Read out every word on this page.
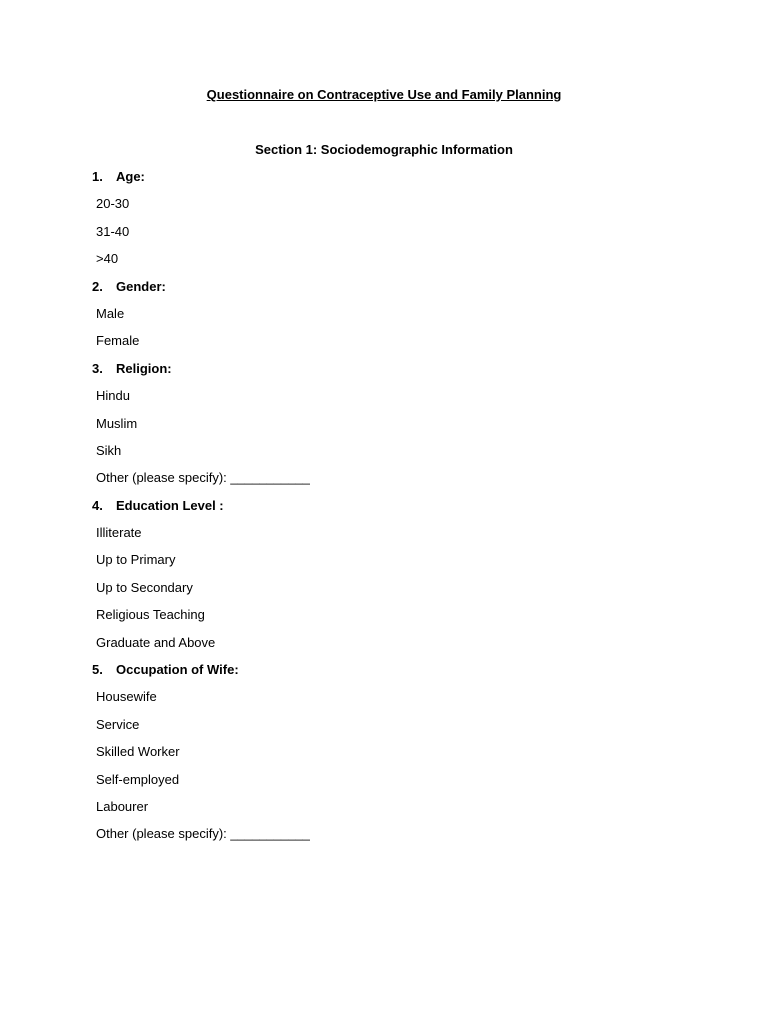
Questionnaire on Contraceptive Use and Family Planning
Section 1: Sociodemographic Information
1.	Age:
20-30
31-40
>40
2.	Gender:
Male
Female
3.	Religion:
Hindu
Muslim
Sikh
Other (please specify): ___________
4.	Education Level :
Illiterate
Up to Primary
Up to Secondary
Religious Teaching
Graduate and Above
5.	Occupation of Wife:
Housewife
Service
Skilled Worker
Self-employed
Labourer
Other (please specify): ___________
